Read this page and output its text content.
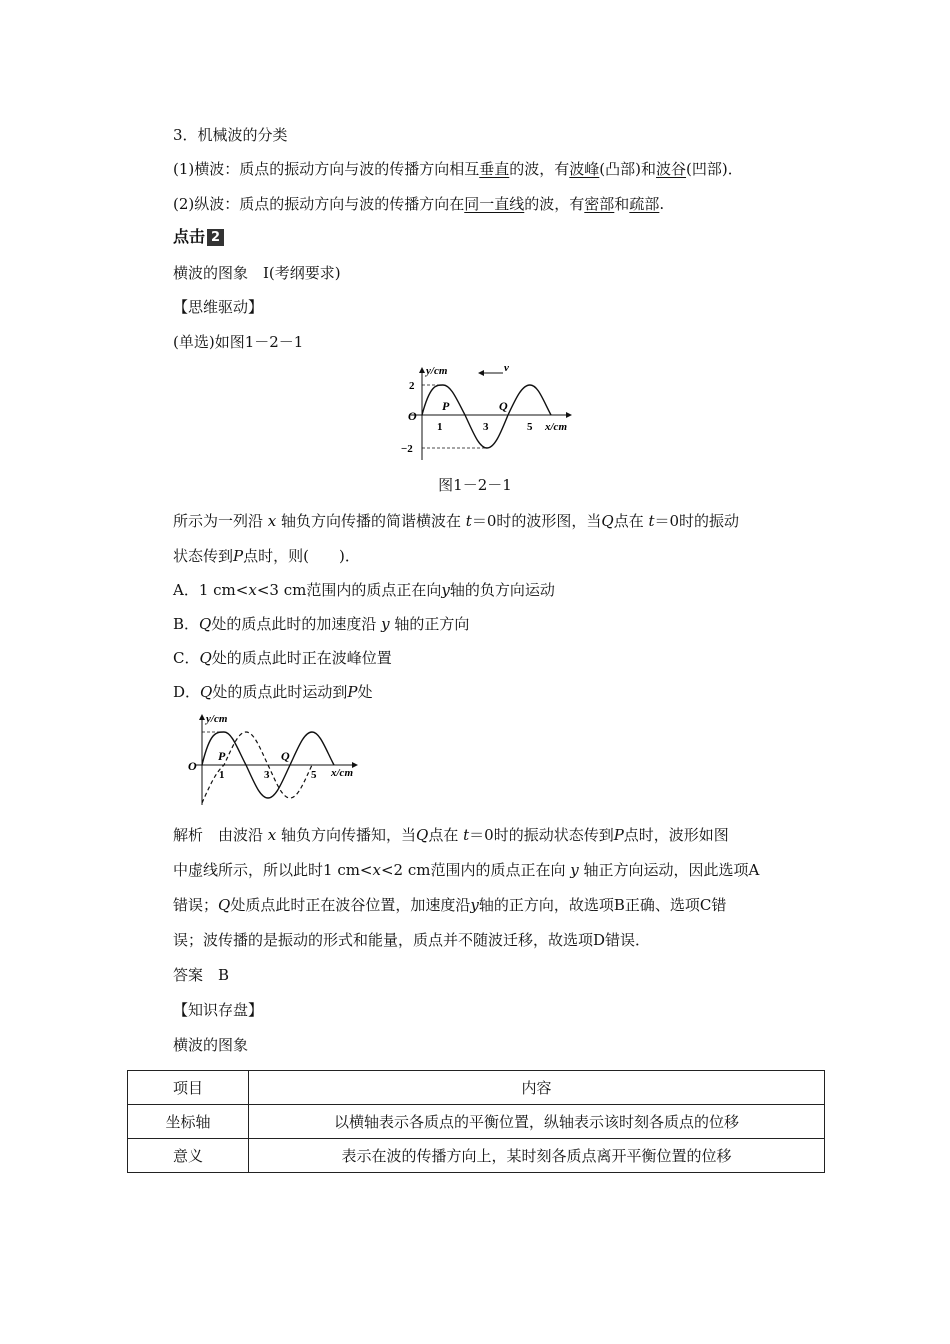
3．机械波的分类
(1)横波：质点的振动方向与波的传播方向相互垂直的波，有波峰(凸部)和波谷(凹部)．
(2)纵波：质点的振动方向与波的传播方向在同一直线的波，有密部和疏部.
点击 2
横波的图象　Ⅰ(考纲要求)
【思维驱动】
(单选)如图1－2－1
v
y/cm
x/cm
O
2
−2
1	3	5
P	Q
图1－2－1
所示为一列沿 x 轴负方向传播的简谐横波在 t＝0时的波形图，当Q点在 t＝0时的振动
状态传到P点时，则(　　)．
A．1 cm<x<3 cm范围内的质点正在向y轴的负方向运动
B．Q处的质点此时的加速度沿 y 轴的正方向
C．Q处的质点此时正在波峰位置
D．Q处的质点此时运动到P处
y/cm
x/cm
O
1	3	5
P	Q
解析　由波沿 x 轴负方向传播知，当Q点在 t＝0时的振动状态传到P点时，波形如图
中虚线所示，所以此时1 cm<x<2 cm范围内的质点正在向 y 轴正方向运动，因此选项A
错误；Q处质点此时正在波谷位置，加速度沿y轴的正方向，故选项B正确、选项C错
误；波传播的是振动的形式和能量，质点并不随波迁移，故选项D错误．
答案　B
【知识存盘】
横波的图象
项目	内容
坐标轴	以横轴表示各质点的平衡位置，纵轴表示该时刻各质点的位移
意义	表示在波的传播方向上，某时刻各质点离开平衡位置的位移
